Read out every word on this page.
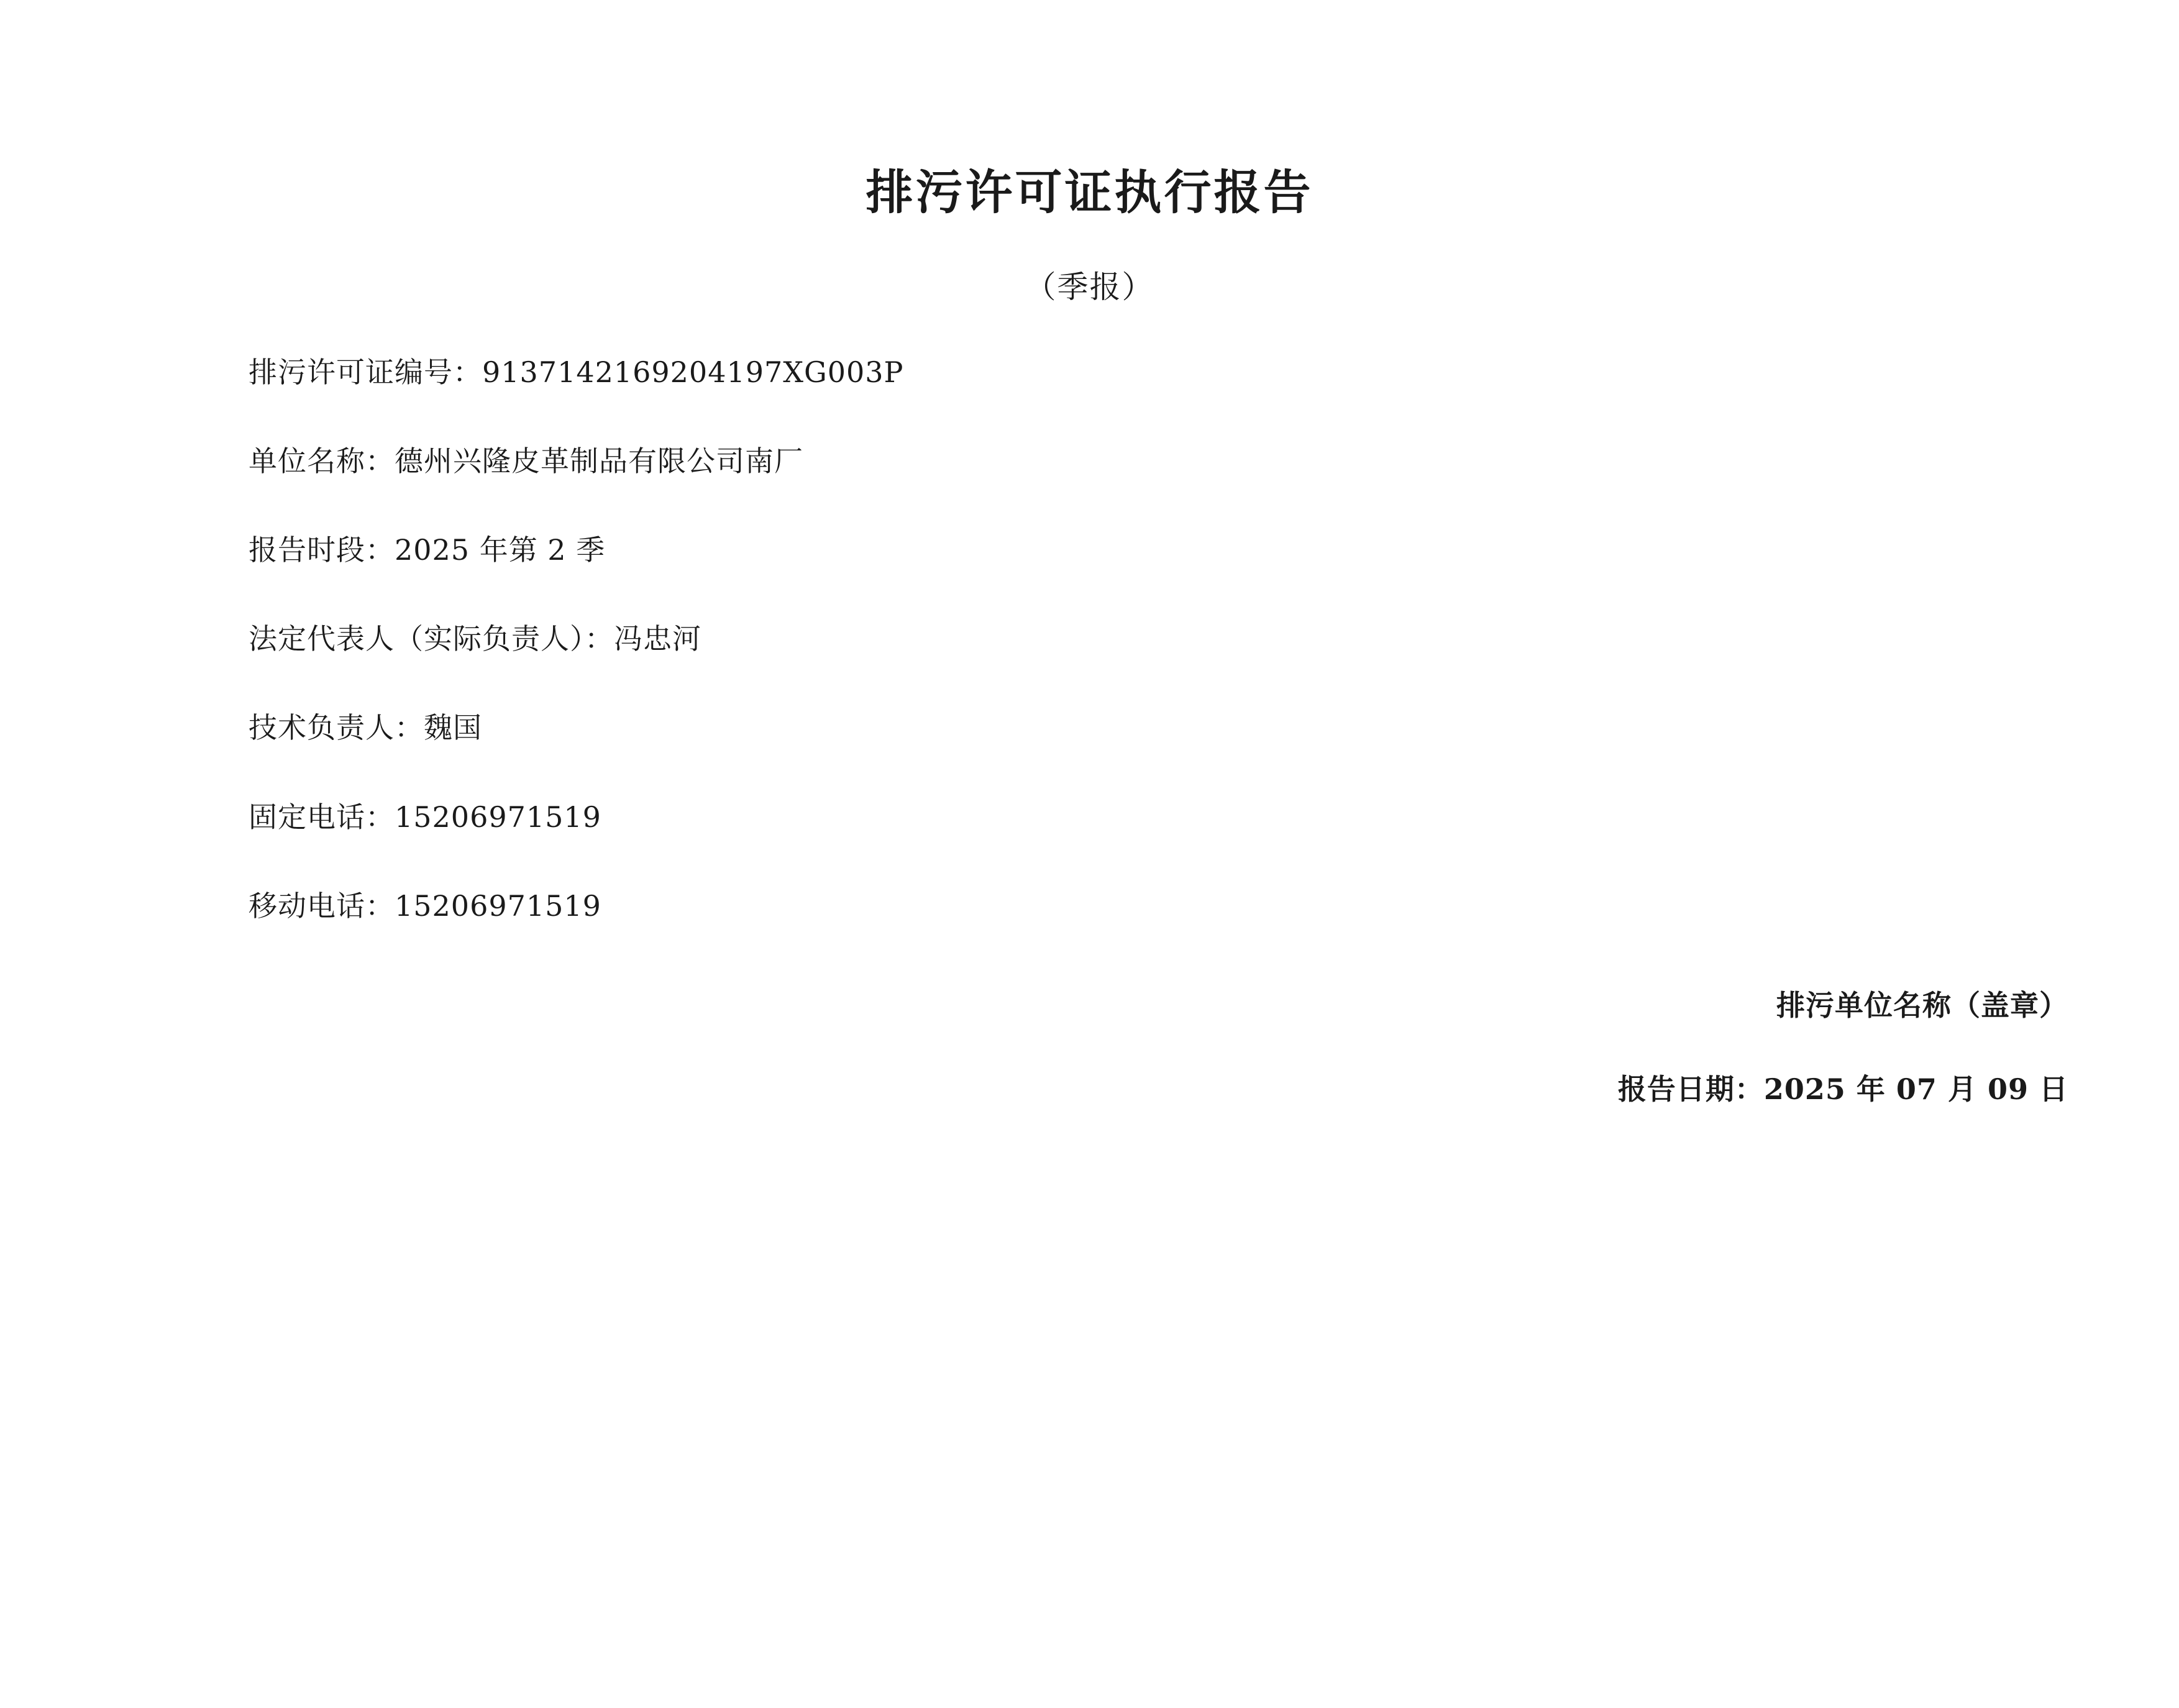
排污许可证执行报告
（季报）
排污许可证编号：9137142169204197XG003P
单位名称：德州兴隆皮革制品有限公司南厂
报告时段：2025 年第 2 季
法定代表人（实际负责人）：冯忠河
技术负责人：魏国
固定电话：15206971519
移动电话：15206971519
排污单位名称（盖章）
报告日期：2025 年 07 月 09 日
